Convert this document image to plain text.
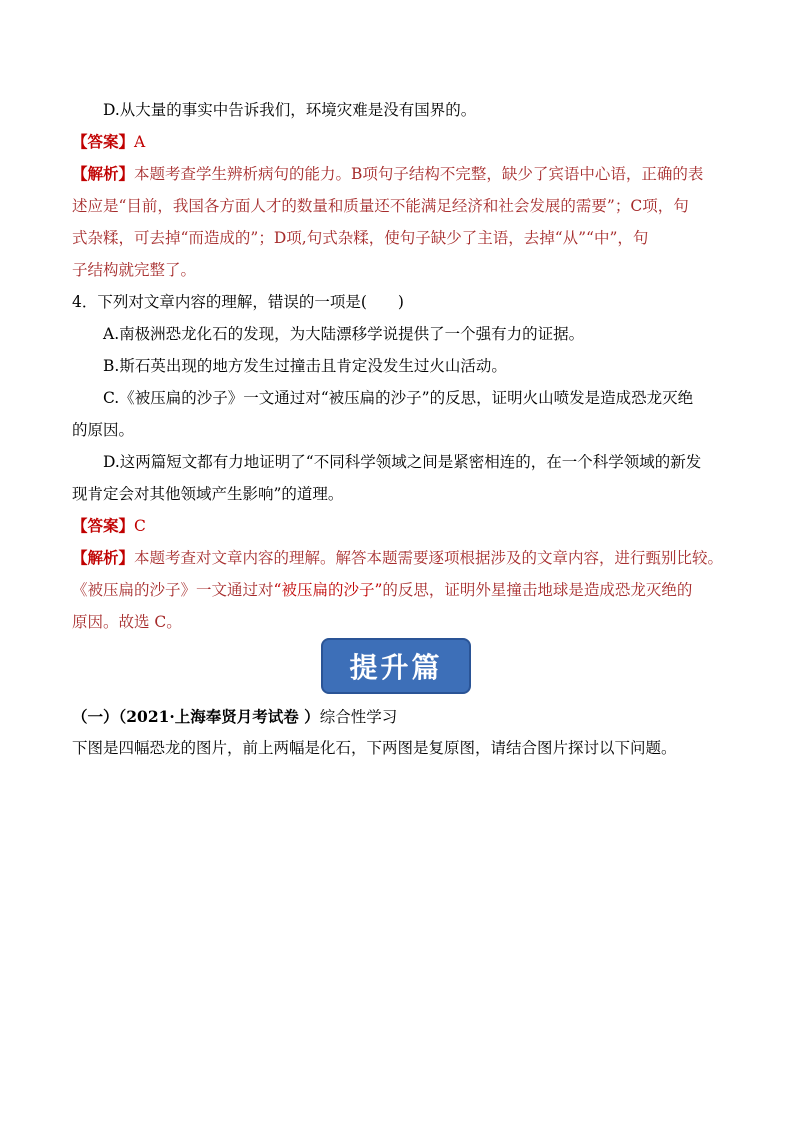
D.从大量的事实中告诉我们，环境灾难是没有国界的。
【答案】A
【解析】本题考查学生辨析病句的能力。B项句子结构不完整，缺少了宾语中心语，正确的表
述应是“目前，我国各方面人才的数量和质量还不能满足经济和社会发展的需要”；C项，句
式杂糅，可去掉“而造成的”；D项,句式杂糅，使句子缺少了主语，去掉“从”“中”，句
子结构就完整了。
4．下列对文章内容的理解，错误的一项是(　　)
A.南极洲恐龙化石的发现，为大陆漂移学说提供了一个强有力的证据。
B.斯石英出现的地方发生过撞击且肯定没发生过火山活动。
C.《被压扁的沙子》一文通过对“被压扁的沙子”的反思，证明火山喷发是造成恐龙灭绝
的原因。
D.这两篇短文都有力地证明了“不同科学领域之间是紧密相连的，在一个科学领域的新发
现肯定会对其他领域产生影响”的道理。
【答案】C
【解析】本题考查对文章内容的理解。解答本题需要逐项根据涉及的文章内容，进行甄别比较。
《被压扁的沙子》一文通过对“被压扁的沙子”的反思，证明外星撞击地球是造成恐龙灭绝的
原因。故选 C。
提升篇
（一）（2021·上海奉贤月考试卷 ）综合性学习
下图是四幅恐龙的图片，前上两幅是化石，下两图是复原图，请结合图片探讨以下问题。
